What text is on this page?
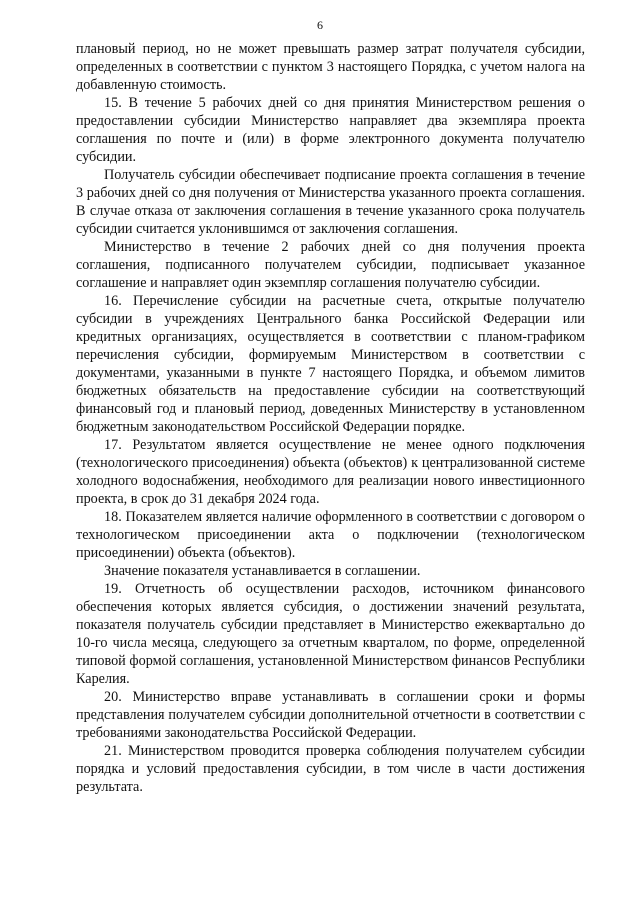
6

плановый период, но не может превышать размер затрат получателя субсидии, определенных в соответствии с пунктом 3 настоящего Порядка, с учетом налога на добавленную стоимость.

15. В течение 5 рабочих дней со дня принятия Министерством решения о предоставлении субсидии Министерство направляет два экземпляра проекта соглашения по почте и (или) в форме электронного документа получателю субсидии.

Получатель субсидии обеспечивает подписание проекта соглашения в течение 3 рабочих дней со дня получения от Министерства указанного проекта соглашения. В случае отказа от заключения соглашения в течение указанного срока получатель субсидии считается уклонившимся от заключения соглашения.

Министерство в течение 2 рабочих дней со дня получения проекта соглашения, подписанного получателем субсидии, подписывает указанное соглашение и направляет один экземпляр соглашения получателю субсидии.

16. Перечисление субсидии на расчетные счета, открытые получателю субсидии в учреждениях Центрального банка Российской Федерации или кредитных организациях, осуществляется в соответствии с планом-графиком перечисления субсидии, формируемым Министерством в соответствии с документами, указанными в пункте 7 настоящего Порядка, и объемом лимитов бюджетных обязательств на предоставление субсидии на соответствующий финансовый год и плановый период, доведенных Министерству в установленном бюджетным законодательством Российской Федерации порядке.

17. Результатом является осуществление не менее одного подключения (технологического присоединения) объекта (объектов) к централизованной системе холодного водоснабжения, необходимого для реализации нового инвестиционного проекта, в срок до 31 декабря 2024 года.

18. Показателем является наличие оформленного в соответствии с договором о технологическом присоединении акта о подключении (технологическом присоединении) объекта (объектов).

Значение показателя устанавливается в соглашении.

19. Отчетность об осуществлении расходов, источником финансового обеспечения которых является субсидия, о достижении значений результата, показателя получатель субсидии представляет в Министерство ежеквартально до 10-го числа месяца, следующего за отчетным кварталом, по форме, определенной типовой формой соглашения, установленной Министерством финансов Республики Карелия.

20. Министерство вправе устанавливать в соглашении сроки и формы представления получателем субсидии дополнительной отчетности в соответствии с требованиями законодательства Российской Федерации.

21. Министерством проводится проверка соблюдения получателем субсидии порядка и условий предоставления субсидии, в том числе в части достижения результата.
